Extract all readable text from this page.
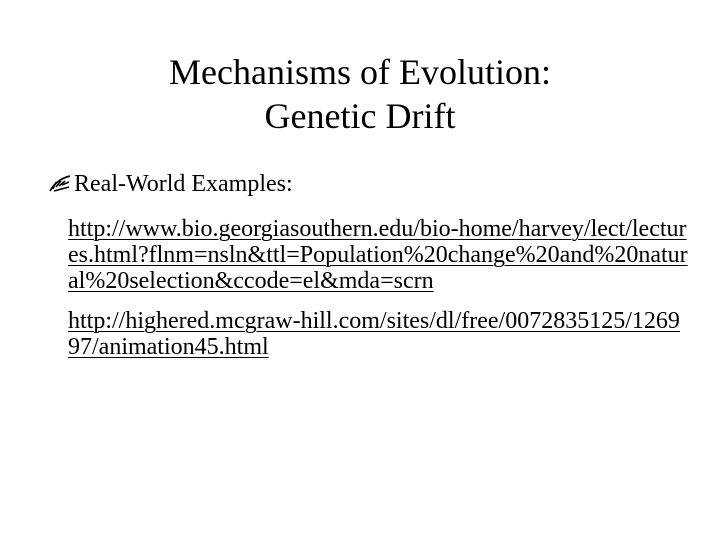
Mechanisms of Evolution:
Genetic Drift
Real-World Examples:
http://www.bio.georgiasouthern.edu/bio-home/harvey/lect/lectures.html?flnm=nsln&ttl=Population%20change%20and%20natural%20selection&ccode=el&mda=scrn
http://highered.mcgraw-hill.com/sites/dl/free/0072835125/126997/animation45.html
